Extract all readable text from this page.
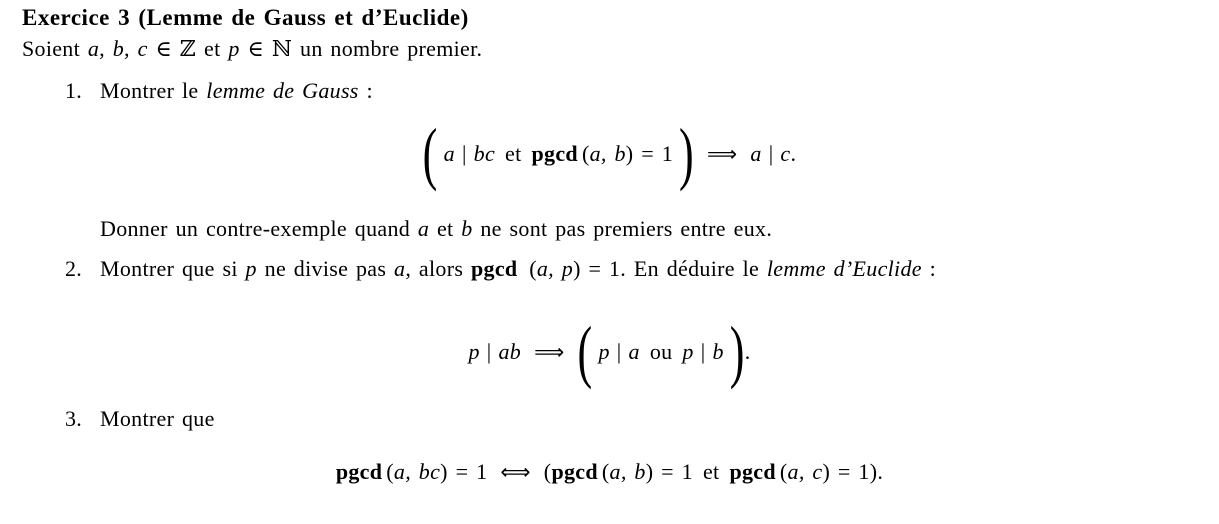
Exercice 3 (Lemme de Gauss et d’Euclide)
Soient a, b, c ∈ ℤ et p ∈ ℕ un nombre premier.
1. Montrer le lemme de Gauss :
( a | bc et pgcd ( a, b ) = 1 ) ⟹ a | c .
Donner un contre-exemple quand a et b ne sont pas premiers entre eux.
2. Montrer que si p ne divise pas a, alors pgcd (a, p) = 1. En déduire le lemme d’Euclide :
p | ab ⟹ ( p | a ou p | b ) .
3. Montrer que
pgcd ( a, bc ) = 1 ⟺ ( pgcd ( a, b ) = 1 et pgcd ( a, c ) = 1) .
